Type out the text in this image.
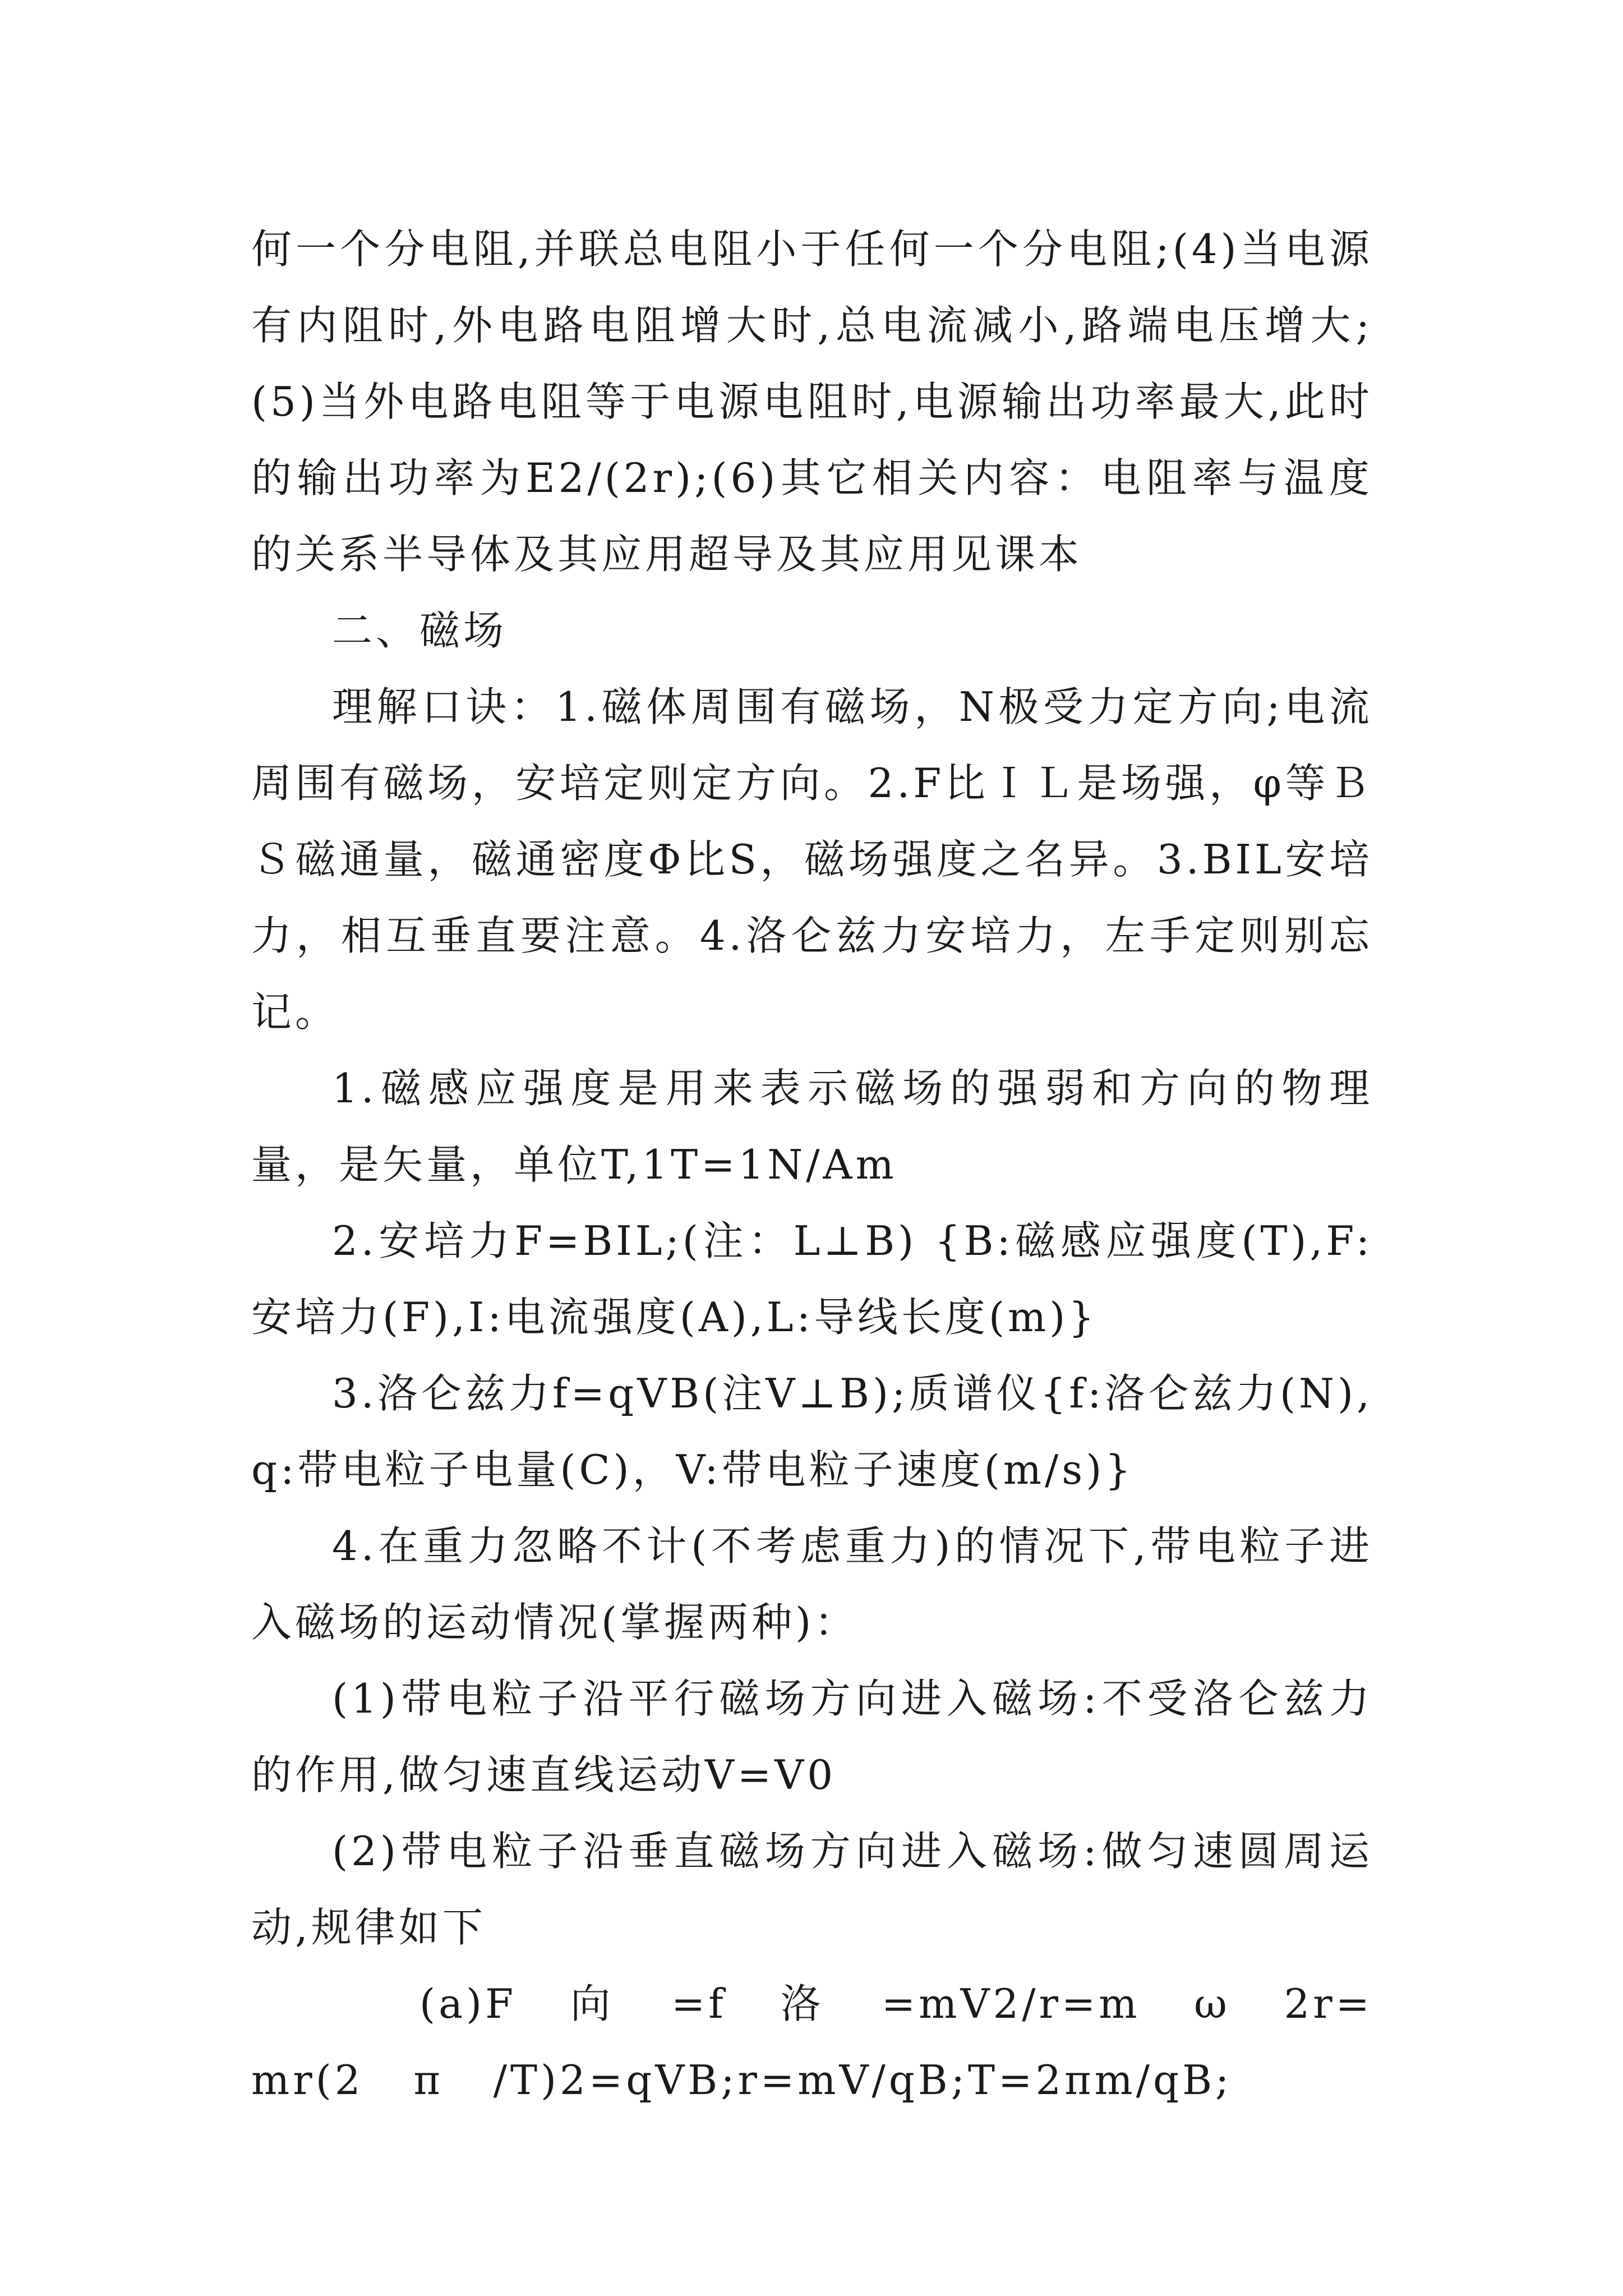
何一个分电阻,并联总电阻小于任何一个分电阻;(4)当电源有内阻时,外电路电阻增大时,总电流减小,路端电压增大;(5)当外电路电阻等于电源电阻时,电源输出功率最大,此时的输出功率为E2/(2r);(6)其它相关内容：电阻率与温度的关系半导体及其应用超导及其应用见课本

二、磁场

理解口诀：1.磁体周围有磁场，N极受力定方向;电流周围有磁场，安培定则定方向。2.F比ＩＬ是场强，φ等ＢＳ磁通量，磁通密度Φ比S，磁场强度之名异。3.BIL安培力，相互垂直要注意。4.洛仑兹力安培力，左手定则别忘记。

1.磁感应强度是用来表示磁场的强弱和方向的物理量，是矢量，单位T,1T=1N/Am

2.安培力F=BIL;(注：L⊥B) {B:磁感应强度(T),F:安培力(F),I:电流强度(A),L:导线长度(m)}

3.洛仑兹力f=qVB(注V⊥B);质谱仪{f:洛仑兹力(N),q:带电粒子电量(C)，V:带电粒子速度(m/s)}

4.在重力忽略不计(不考虑重力)的情况下,带电粒子进入磁场的运动情况(掌握两种)：

(1)带电粒子沿平行磁场方向进入磁场:不受洛仑兹力的作用,做匀速直线运动V=V0

(2)带电粒子沿垂直磁场方向进入磁场:做匀速圆周运动,规律如下

(a)F 向 =f 洛 =mV2/r=m ω 2r=mr(2 π /T)2=qVB;r=mV/qB;T=2πm/qB;
